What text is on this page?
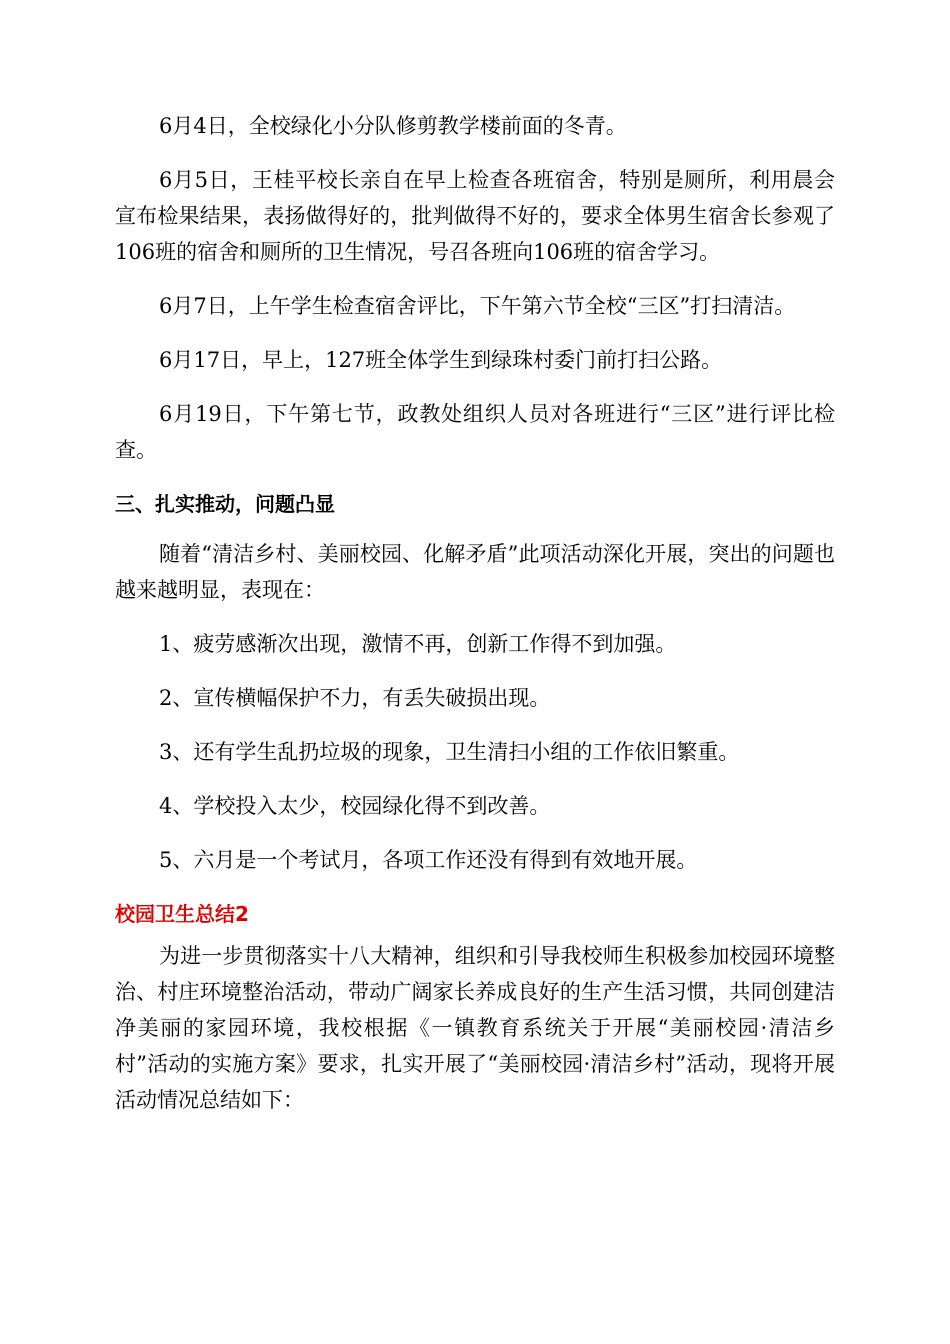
6月4日，全校绿化小分队修剪教学楼前面的冬青。

6月5日，王桂平校长亲自在早上检查各班宿舍，特别是厕所，利用晨会宣布检果结果，表扬做得好的，批判做得不好的，要求全体男生宿舍长参观了106班的宿舍和厕所的卫生情况，号召各班向106班的宿舍学习。

6月7日，上午学生检查宿舍评比，下午第六节全校“三区”打扫清洁。

6月17日，早上，127班全体学生到绿珠村委门前打扫公路。

6月19日，下午第七节，政教处组织人员对各班进行“三区”进行评比检查。

三、扎实推动，问题凸显

随着“清洁乡村、美丽校园、化解矛盾”此项活动深化开展，突出的问题也越来越明显，表现在：

1、疲劳感渐次出现，激情不再，创新工作得不到加强。

2、宣传横幅保护不力，有丢失破损出现。

3、还有学生乱扔垃圾的现象，卫生清扫小组的工作依旧繁重。

4、学校投入太少，校园绿化得不到改善。

5、六月是一个考试月，各项工作还没有得到有效地开展。

校园卫生总结2

为进一步贯彻落实十八大精神，组织和引导我校师生积极参加校园环境整治、村庄环境整治活动，带动广阔家长养成良好的生产生活习惯，共同创建洁净美丽的家园环境，我校根据《一镇教育系统关于开展“美丽校园·清洁乡村”活动的实施方案》要求，扎实开展了“美丽校园·清洁乡村”活动，现将开展活动情况总结如下：
